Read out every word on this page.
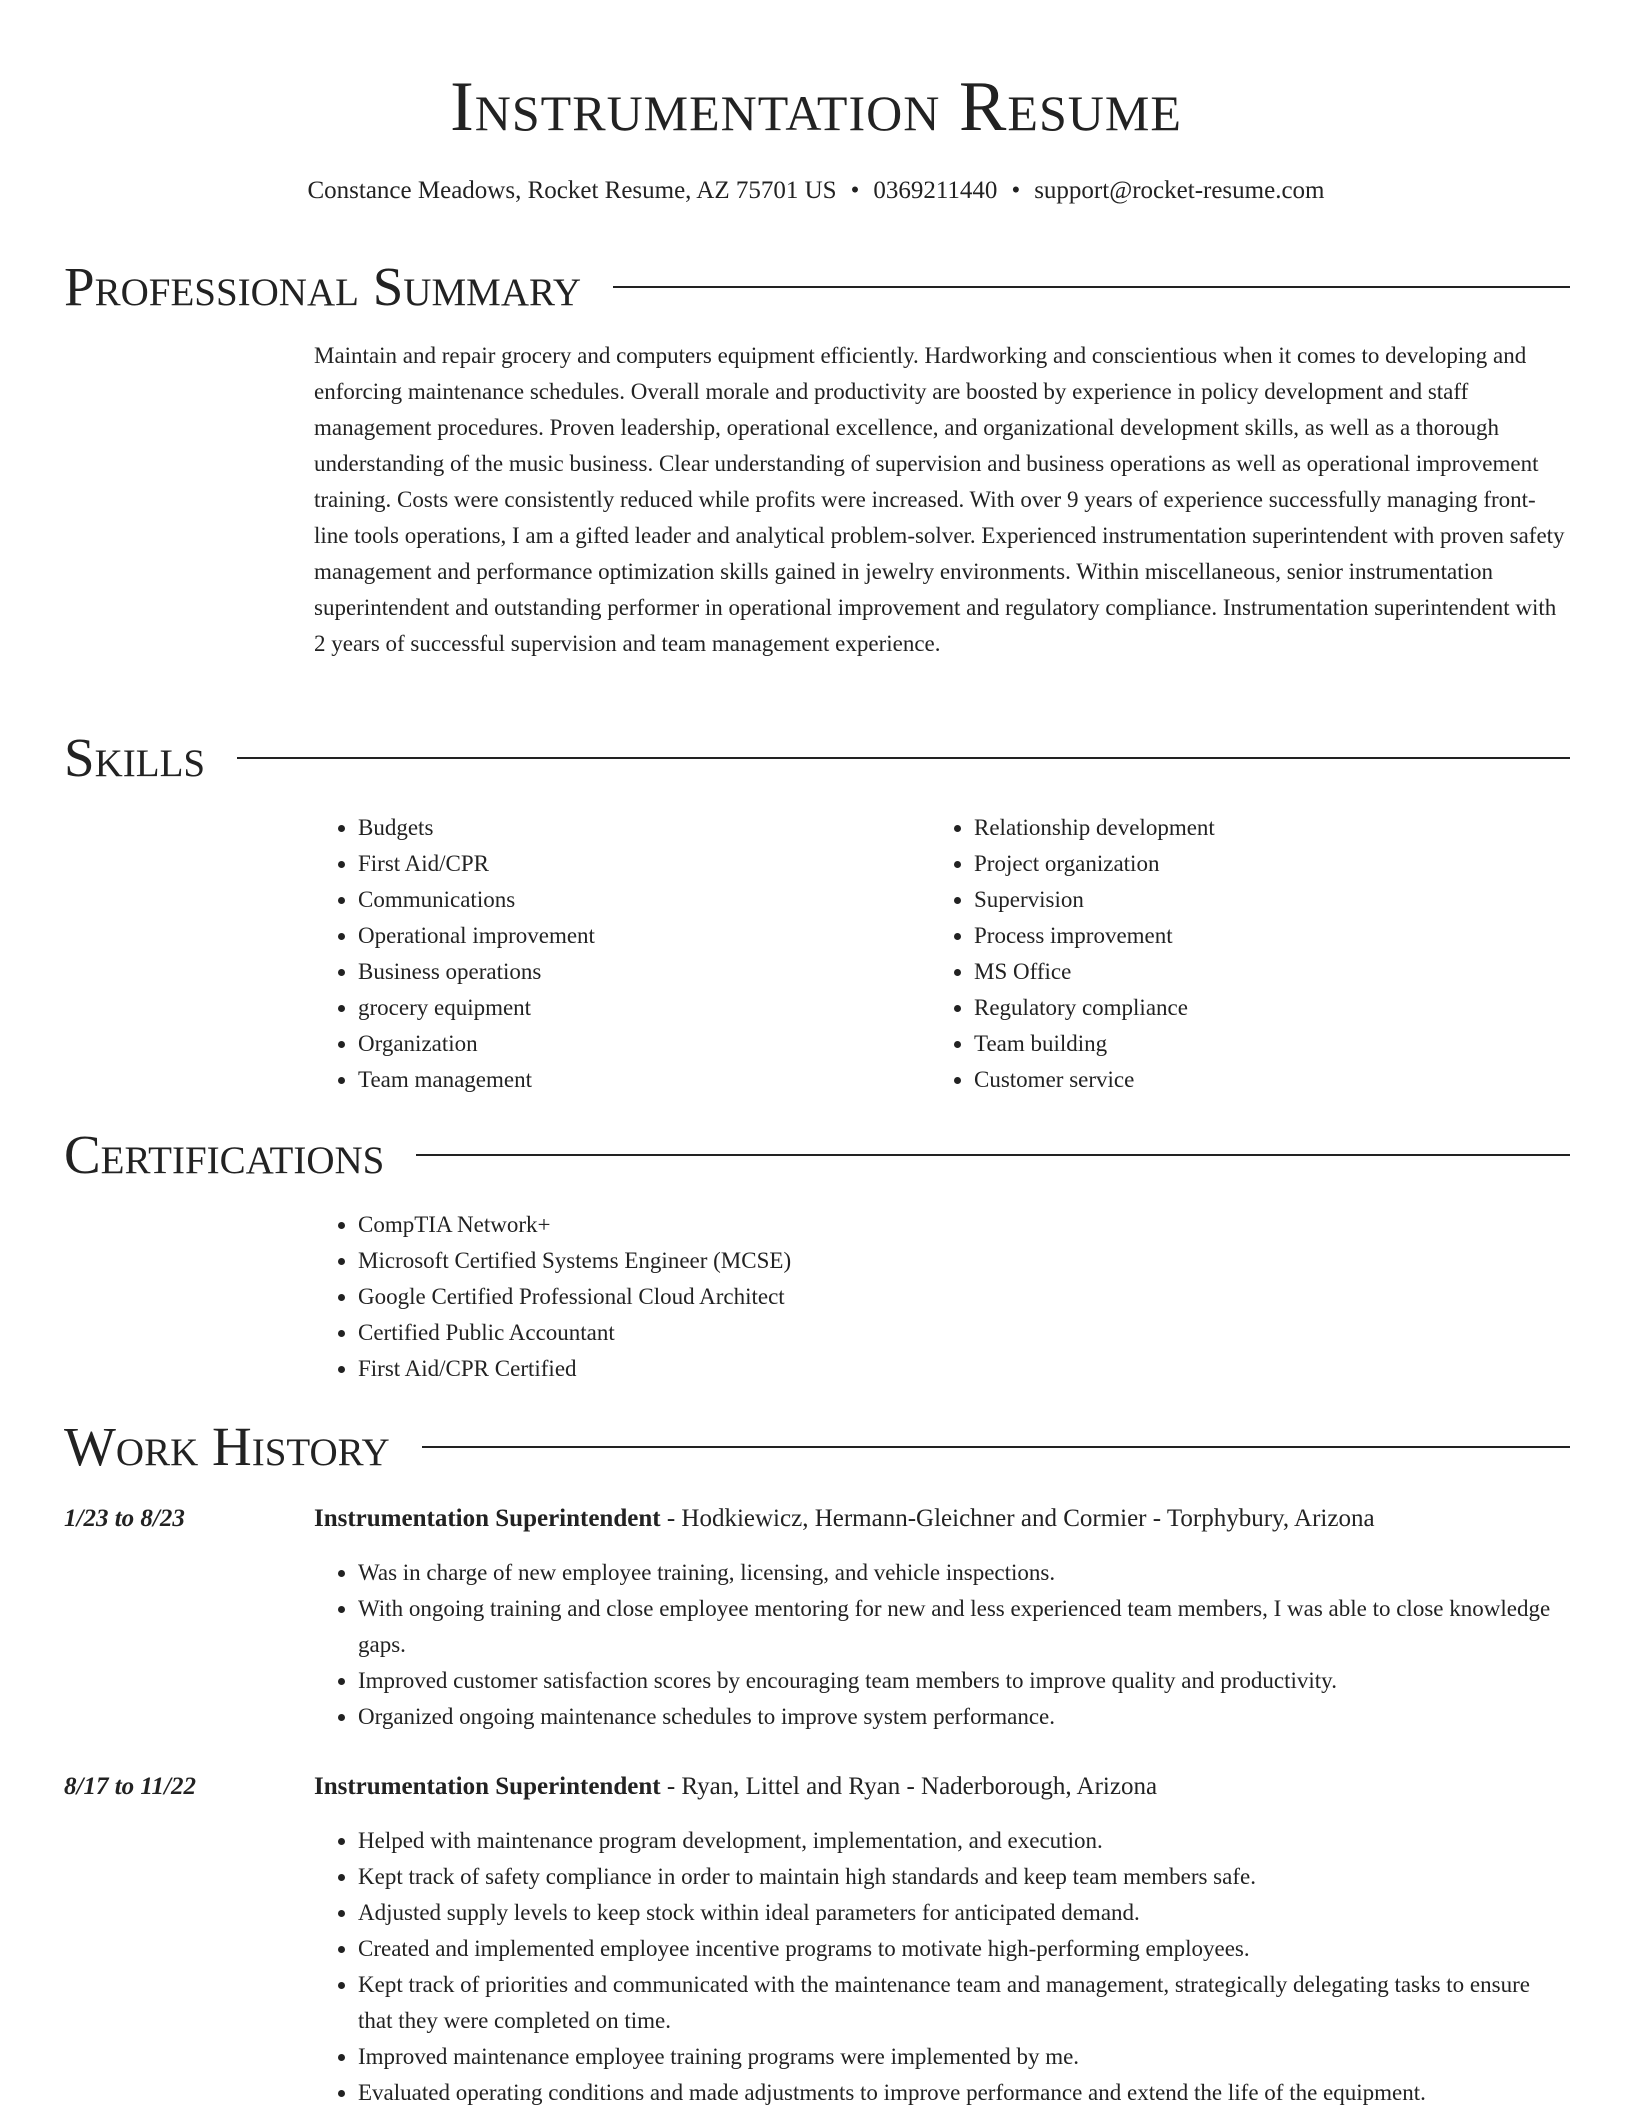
Instrumentation Resume
Constance Meadows, Rocket Resume, AZ 75701 US • 0369211440 • support@rocket-resume.com
Professional Summary

Maintain and repair grocery and computers equipment efficiently. Hardworking and conscientious when it comes to developing and enforcing maintenance schedules. Overall morale and productivity are boosted by experience in policy development and staff management procedures. Proven leadership, operational excellence, and organizational development skills, as well as a thorough understanding of the music business. Clear understanding of supervision and business operations as well as operational improvement training. Costs were consistently reduced while profits were increased. With over 9 years of experience successfully managing front-line tools operations, I am a gifted leader and analytical problem-solver. Experienced instrumentation superintendent with proven safety management and performance optimization skills gained in jewelry environments. Within miscellaneous, senior instrumentation superintendent and outstanding performer in operational improvement and regulatory compliance. Instrumentation superintendent with 2 years of successful supervision and team management experience.

Skills
• Budgets
• First Aid/CPR
• Communications
• Operational improvement
• Business operations
• grocery equipment
• Organization
• Team management
• Relationship development
• Project organization
• Supervision
• Process improvement
• MS Office
• Regulatory compliance
• Team building
• Customer service
Certifications
• CompTIA Network+
• Microsoft Certified Systems Engineer (MCSE)
• Google Certified Professional Cloud Architect
• Certified Public Accountant
• First Aid/CPR Certified
Work History
1/23 to 8/23	Instrumentation Superintendent - Hodkiewicz, Hermann-Gleichner and Cormier - Torphybury, Arizona
• Was in charge of new employee training, licensing, and vehicle inspections.
• With ongoing training and close employee mentoring for new and less experienced team members, I was able to close knowledge gaps.
• Improved customer satisfaction scores by encouraging team members to improve quality and productivity.
• Organized ongoing maintenance schedules to improve system performance.
8/17 to 11/22	Instrumentation Superintendent - Ryan, Littel and Ryan - Naderborough, Arizona
• Helped with maintenance program development, implementation, and execution.
• Kept track of safety compliance in order to maintain high standards and keep team members safe.
• Adjusted supply levels to keep stock within ideal parameters for anticipated demand.
• Created and implemented employee incentive programs to motivate high-performing employees.
• Kept track of priorities and communicated with the maintenance team and management, strategically delegating tasks to ensure that they were completed on time.
• Improved maintenance employee training programs were implemented by me.
• Evaluated operating conditions and made adjustments to improve performance and extend the life of the equipment.
